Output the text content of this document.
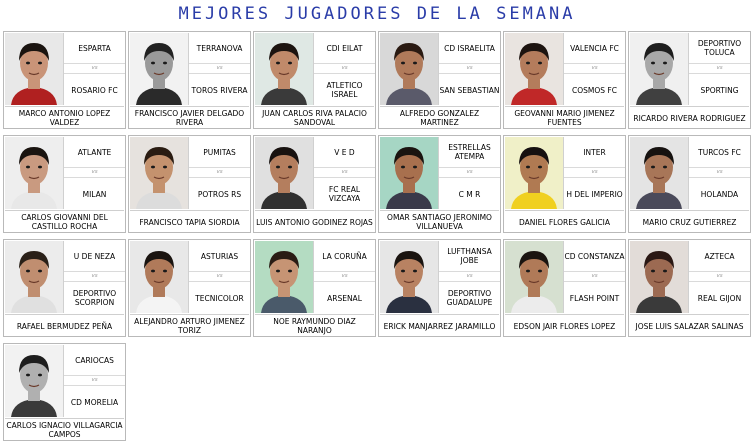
MEJORES JUGADORES DE LA SEMANA
ESPARTA
vs
ROSARIO FC
MARCO ANTONIO LOPEZ VALDEZ
TERRANOVA
vs
TOROS RIVERA
FRANCISCO JAVIER DELGADO RIVERA
CDI EILAT
vs
ATLETICO ISRAEL
JUAN CARLOS RIVA PALACIO SANDOVAL
CD ISRAELITA
vs
SAN SEBASTIAN
ALFREDO GONZALEZ MARTINEZ
VALENCIA FC
vs
COSMOS FC
GEOVANNI MARIO JIMENEZ FUENTES
DEPORTIVO TOLUCA
vs
SPORTING
RICARDO RIVERA RODRIGUEZ
ATLANTE
vs
MILAN
CARLOS GIOVANNI DEL CASTILLO ROCHA
PUMITAS
vs
POTROS RS
FRANCISCO TAPIA SIORDIA
V E D
vs
FC REAL VIZCAYA
LUIS ANTONIO GODINEZ ROJAS
ESTRELLAS ATEMPA
vs
C M R
OMAR SANTIAGO JERONIMO VILLANUEVA
INTER
vs
H DEL IMPERIO
DANIEL FLORES GALICIA
TURCOS FC
vs
HOLANDA
MARIO CRUZ GUTIERREZ
U DE NEZA
vs
DEPORTIVO SCORPION
RAFAEL BERMUDEZ PEÑA
ASTURIAS
vs
TECNICOLOR
ALEJANDRO ARTURO JIMENEZ TORIZ
LA CORUÑA
vs
ARSENAL
NOE RAYMUNDO DIAZ NARANJO
LUFTHANSA JOBE
vs
DEPORTIVO GUADALUPE
ERICK MANJARREZ JARAMILLO
CD CONSTANZA
vs
FLASH POINT
EDSON JAIR FLORES LOPEZ
AZTECA
vs
REAL GIJON
JOSE LUIS SALAZAR SALINAS
CARIOCAS
vs
CD MORELIA
CARLOS IGNACIO VILLAGARCIA CAMPOS
